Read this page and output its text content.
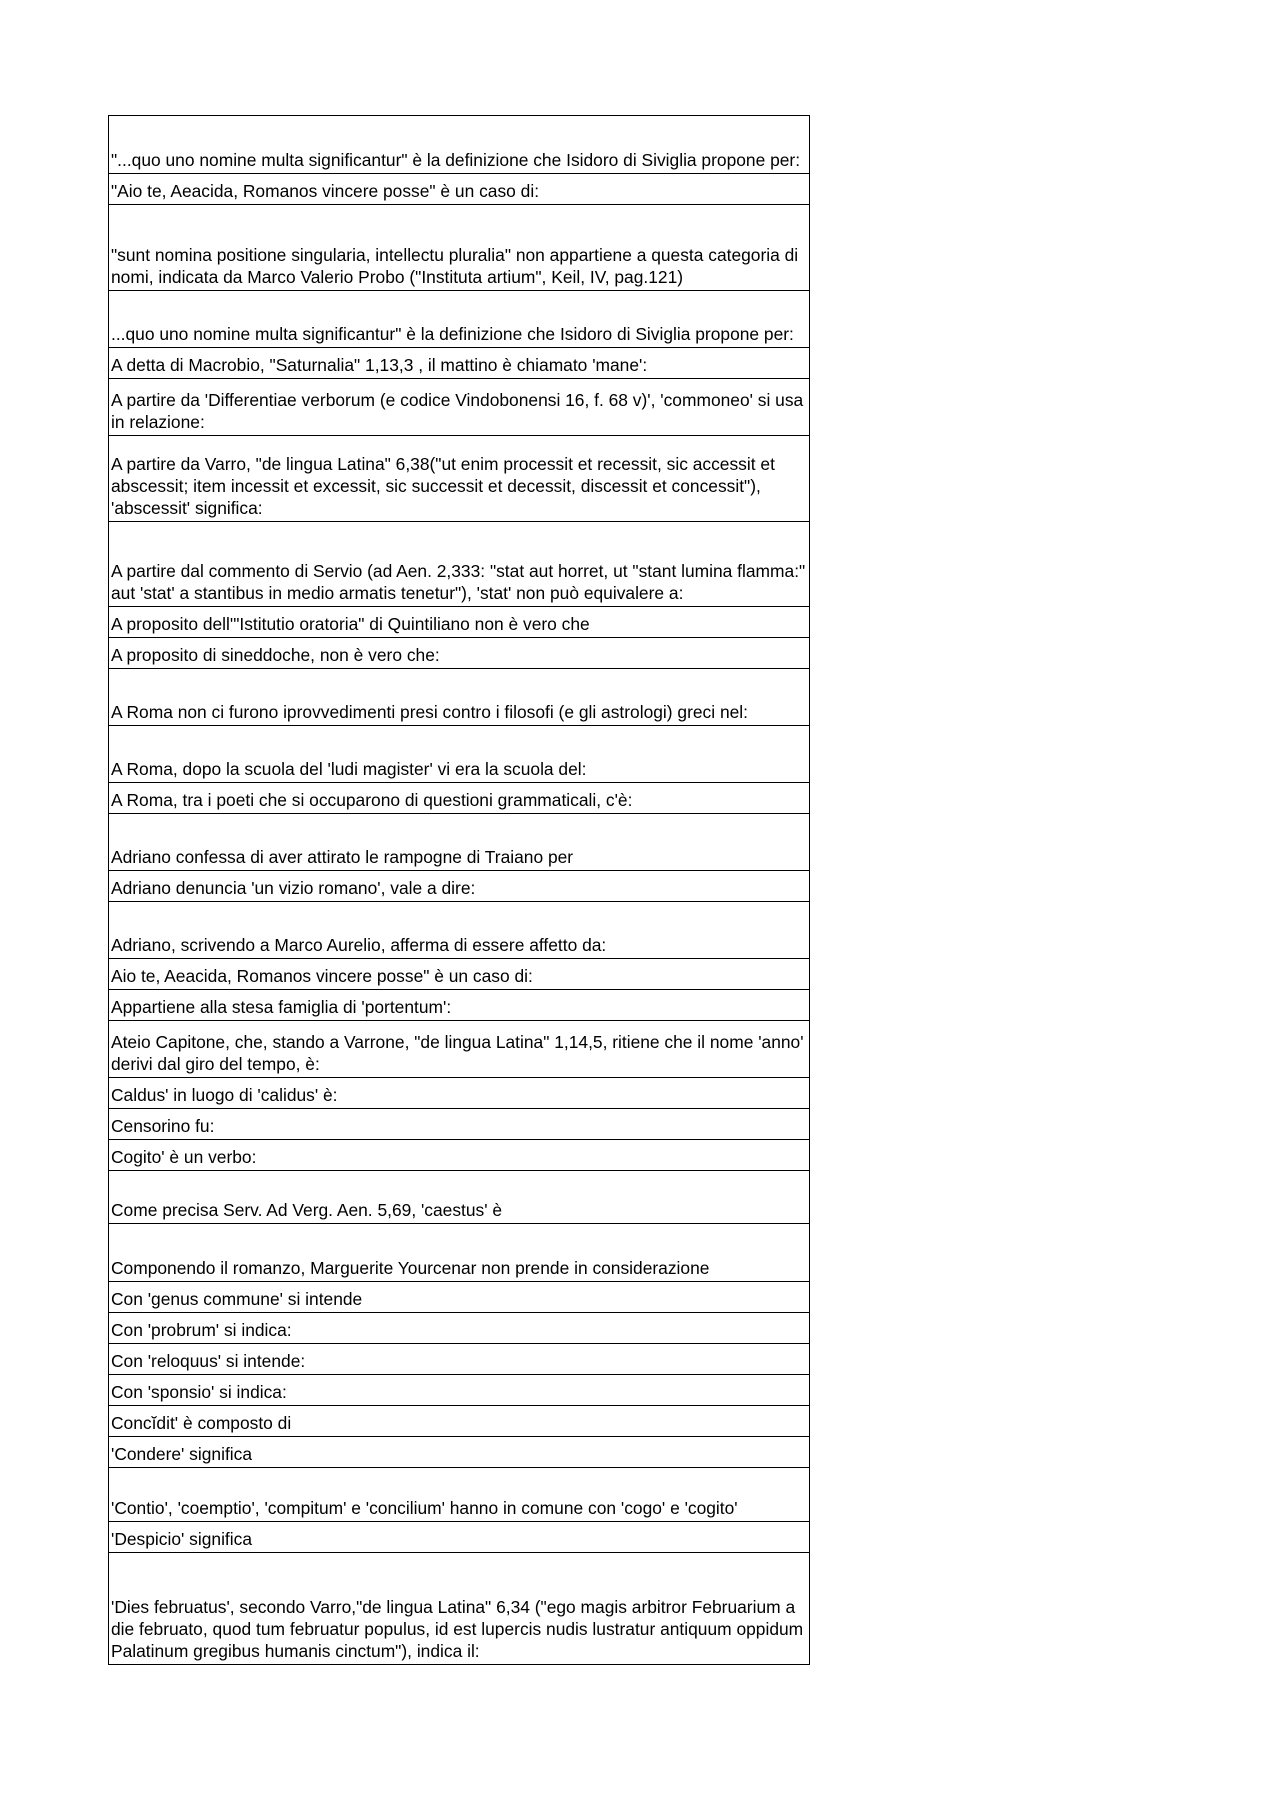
"...quo uno nomine multa significantur" è la definizione che Isidoro di Siviglia propone per:
"Aio te, Aeacida, Romanos vincere posse" è un caso di:
"sunt nomina positione singularia, intellectu pluralia" non appartiene a questa categoria di nomi, indicata da Marco Valerio Probo ("Instituta artium", Keil, IV, pag.121)
...quo uno nomine multa significantur" è la definizione che Isidoro di Siviglia propone per:
A detta di Macrobio, "Saturnalia" 1,13,3 , il mattino è chiamato 'mane':
A partire da 'Differentiae verborum (e codice Vindobonensi 16, f. 68 v)', 'commoneo' si usa in relazione:
A partire da Varro, "de lingua Latina" 6,38("ut enim processit et recessit, sic accessit et abscessit; item incessit et excessit, sic successit et decessit, discessit et concessit"), 'abscessit' significa:
A partire dal commento di Servio (ad Aen. 2,333: "stat aut horret, ut "stant lumina flamma:" aut 'stat' a stantibus in medio armatis tenetur"), 'stat' non può equivalere a:
A proposito dell'"Istitutio oratoria" di Quintiliano non è vero che
A proposito di sineddoche, non è vero che:
A Roma non ci furono iprovvedimenti presi contro i filosofi (e gli astrologi) greci nel:
A Roma, dopo la scuola del 'ludi magister' vi era la scuola del:
A Roma, tra i poeti che si occuparono di questioni grammaticali, c'è:
Adriano confessa di aver attirato le rampogne di Traiano per
Adriano denuncia 'un vizio romano', vale a dire:
Adriano, scrivendo a Marco Aurelio, afferma di essere affetto da:
Aio te, Aeacida, Romanos vincere posse" è un caso di:
Appartiene alla stesa famiglia di 'portentum':
Ateio Capitone, che, stando a Varrone, "de lingua Latina" 1,14,5, ritiene che il nome 'anno' derivi dal giro del tempo, è:
Caldus' in luogo di 'calidus' è:
Censorino fu:
Cogito' è un verbo:
Come precisa Serv. Ad Verg. Aen. 5,69, 'caestus' è
Componendo il romanzo, Marguerite Yourcenar non prende in considerazione
Con 'genus commune' si intende
Con 'probrum' si indica:
Con 'reloquus' si intende:
Con 'sponsio' si indica:
Concĭdit' è composto di
'Condere' significa
'Contio', 'coemptio', 'compitum' e 'concilium' hanno in comune con 'cogo' e 'cogito'
'Despicio' significa
'Dies februatus', secondo Varro,"de lingua Latina" 6,34 ("ego magis arbitror Februarium a die februato, quod tum februatur populus, id est lupercis nudis lustratur antiquum oppidum Palatinum gregibus humanis cinctum"), indica il:
